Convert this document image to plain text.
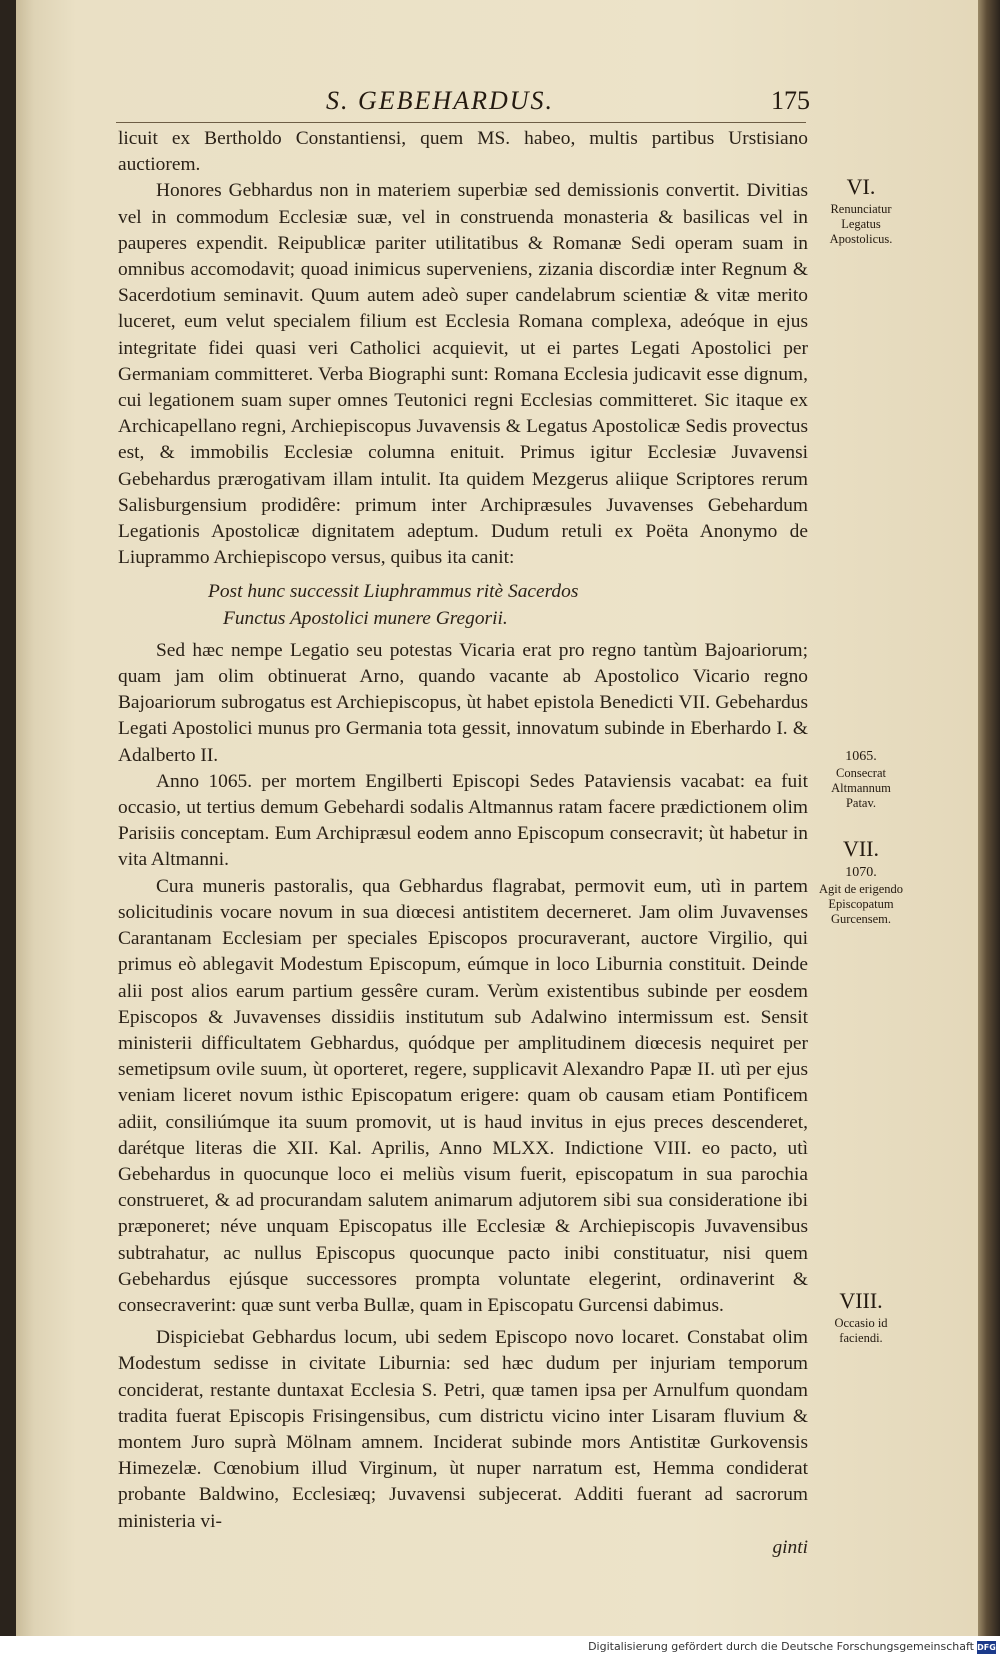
S. GEBEHARDUS.	175

licuit ex Bertholdo Constantiensi, quem MS. habeo, multis partibus Urstisiano auctiorem.

Honores Gebhardus non in materiem superbiæ sed demissionis convertit. Divitias vel in commodum Ecclesiæ suæ, vel in construenda monasteria & basilicas vel in pauperes expendit. Reipublicæ pariter utilitatibus & Romanæ Sedi operam suam in omnibus accomodavit; quoad inimicus superveniens, zizania discordiæ inter Regnum & Sacerdotium seminavit. Quum autem adeò super candelabrum scientiæ & vitæ merito luceret, eum velut specialem filium est Ecclesia Romana complexa, adeóque in ejus integritate fidei quasi veri Catholici acquievit, ut ei partes Legati Apostolici per Germaniam committeret. Verba Biographi sunt: Romana Ecclesia judicavit esse dignum, cui legationem suam super omnes Teutonici regni Ecclesias committeret. Sic itaque ex Archicapellano regni, Archiepiscopus Juvavensis & Legatus Apostolicæ Sedis provectus est, & immobilis Ecclesiæ columna enituit. Primus igitur Ecclesiæ Juvavensi Gebehardus prærogativam illam intulit. Ita quidem Mezgerus aliique Scriptores rerum Salisburgensium prodidêre: primum inter Archipræsules Juvavenses Gebehardum Legationis Apostolicæ dignitatem adeptum. Dudum retuli ex Poëta Anonymo de Liuprammo Archiepiscopo versus, quibus ita canit:

Post hunc successit Liuphrammus ritè Sacerdos
Functus Apostolici munere Gregorii.

Sed hæc nempe Legatio seu potestas Vicaria erat pro regno tantùm Bajoariorum; quam jam olim obtinuerat Arno, quando vacante ab Apostolico Vicario regno Bajoariorum subrogatus est Archiepiscopus, ùt habet epistola Benedicti VII. Gebehardus Legati Apostolici munus pro Germania tota gessit, innovatum subinde in Eberhardo I. & Adalberto II.

Anno 1065. per mortem Engilberti Episcopi Sedes Pataviensis vacabat: ea fuit occasio, ut tertius demum Gebehardi sodalis Altmannus ratam facere prædictionem olim Parisiis conceptam. Eum Archipræsul eodem anno Episcopum consecravit; ùt habetur in vita Altmanni.

Cura muneris pastoralis, qua Gebhardus flagrabat, permovit eum, utì in partem solicitudinis vocare novum in sua diœcesi antistitem decerneret. Jam olim Juvavenses Carantanam Ecclesiam per speciales Episcopos procuraverant, auctore Virgilio, qui primus eò ablegavit Modestum Episcopum, eúmque in loco Liburnia constituit. Deinde alii post alios earum partium gessêre curam. Verùm existentibus subinde per eosdem Episcopos & Juvavenses dissidiis institutum sub Adalwino intermissum est. Sensit ministerii difficultatem Gebhardus, quódque per amplitudinem diœcesis nequiret per semetipsum ovile suum, ùt oporteret, regere, supplicavit Alexandro Papæ II. utì per ejus veniam liceret novum isthic Episcopatum erigere: quam ob causam etiam Pontificem adiit, consiliúmque ita suum promovit, ut is haud invitus in ejus preces descenderet, darétque literas die XII. Kal. Aprilis, Anno MLXX. Indictione VIII. eo pacto, utì Gebehardus in quocunque loco ei meliùs visum fuerit, episcopatum in sua parochia construeret, & ad procurandam salutem animarum adjutorem sibi sua consideratione ibi præponeret; néve unquam Episcopatus ille Ecclesiæ & Archiepiscopis Juvavensibus subtrahatur, ac nullus Episcopus quocunque pacto inibi constituatur, nisi quem Gebehardus ejúsque successores prompta voluntate elegerint, ordinaverint & consecraverint: quæ sunt verba Bullæ, quam in Episcopatu Gurcensi dabimus.

Dispiciebat Gebhardus locum, ubi sedem Episcopo novo locaret. Constabat olim Modestum sedisse in civitate Liburnia: sed hæc dudum per injuriam temporum conciderat, restante duntaxat Ecclesia S. Petri, quæ tamen ipsa per Arnulfum quondam tradita fuerat Episcopis Frisingensibus, cum districtu vicino inter Lisaram fluvium & montem Juro suprà Mölnam amnem. Inciderat subinde mors Antistitæ Gurkovensis Himezelæ. Cœnobium illud Virginum, ùt nuper narratum est, Hemma condiderat probante Baldwino, Ecclesiæq; Juvavensi subjecerat. Additi fuerant ad sacrorum ministeria vi-

ginti

VI.
Renunciatur Legatus Apostolicus.
1065.
Consecrat Altmannum Patav.
VII.
1070.
Agit de erigendo Episcopatum Gurcensem.
VIII.
Occasio id faciendi.
Digitalisierung gefördert durch die Deutsche Forschungsgemeinschaft DFG
